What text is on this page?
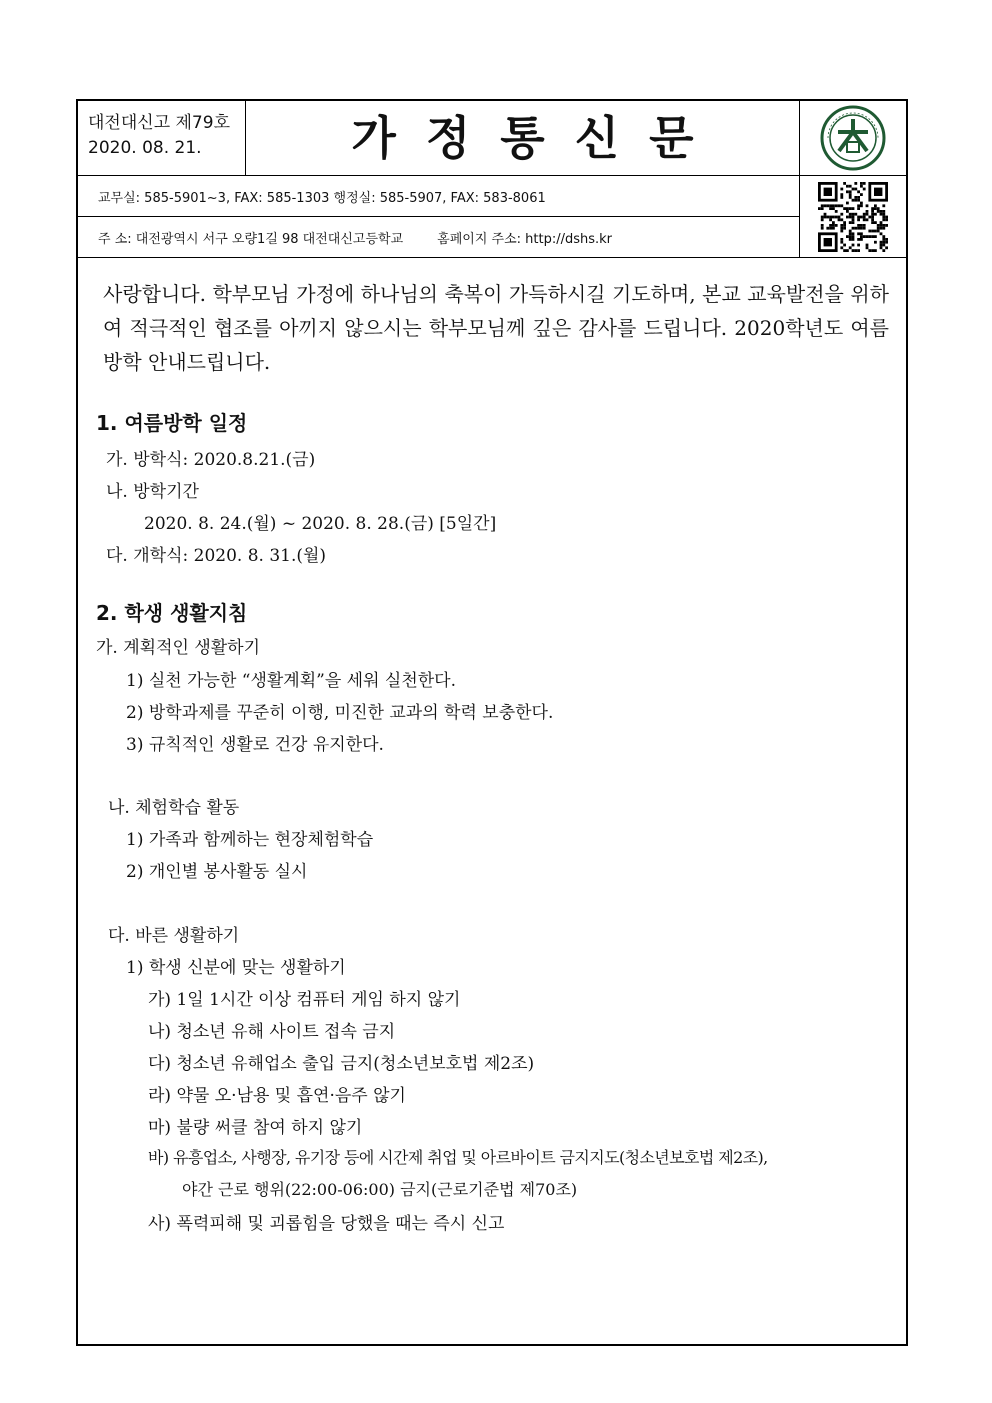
대전대신고 제79호
2020. 08. 21.	가정통신문
교무실: 585-5901~3, FAX: 585-1303 행정실: 585-5907, FAX: 583-8061
주 소: 대전광역시 서구 오량1길 98 대전대신고등학교	홈페이지 주소: http://dshs.kr

사랑합니다. 학부모님 가정에 하나님의 축복이 가득하시길 기도하며, 본교 교육발전을 위하여 적극적인 협조를 아끼지 않으시는 학부모님께 깊은 감사를 드립니다. 2020학년도 여름방학 안내드립니다.

1. 여름방학 일정
가. 방학식: 2020.8.21.(금)
나. 방학기간
2020. 8. 24.(월) ~ 2020. 8. 28.(금) [5일간]
다. 개학식: 2020. 8. 31.(월)
2. 학생 생활지침
가. 계획적인 생활하기
1) 실천 가능한 “생활계획”을 세워 실천한다.
2) 방학과제를 꾸준히 이행, 미진한 교과의 학력 보충한다.
3) 규칙적인 생활로 건강 유지한다.
나. 체험학습 활동
1) 가족과 함께하는 현장체험학습
2) 개인별 봉사활동 실시
다. 바른 생활하기
1) 학생 신분에 맞는 생활하기
가) 1일 1시간 이상 컴퓨터 게임 하지 않기
나) 청소년 유해 사이트 접속 금지
다) 청소년 유해업소 출입 금지(청소년보호법 제2조)
라) 약물 오·남용 및 흡연·음주 않기
마) 불량 써클 참여 하지 않기
바) 유흥업소, 사행장, 유기장 등에 시간제 취업 및 아르바이트 금지지도(청소년보호법 제2조),
야간 근로 행위(22:00-06:00) 금지(근로기준법 제70조)
사) 폭력피해 및 괴롭힘을 당했을 때는 즉시 신고
